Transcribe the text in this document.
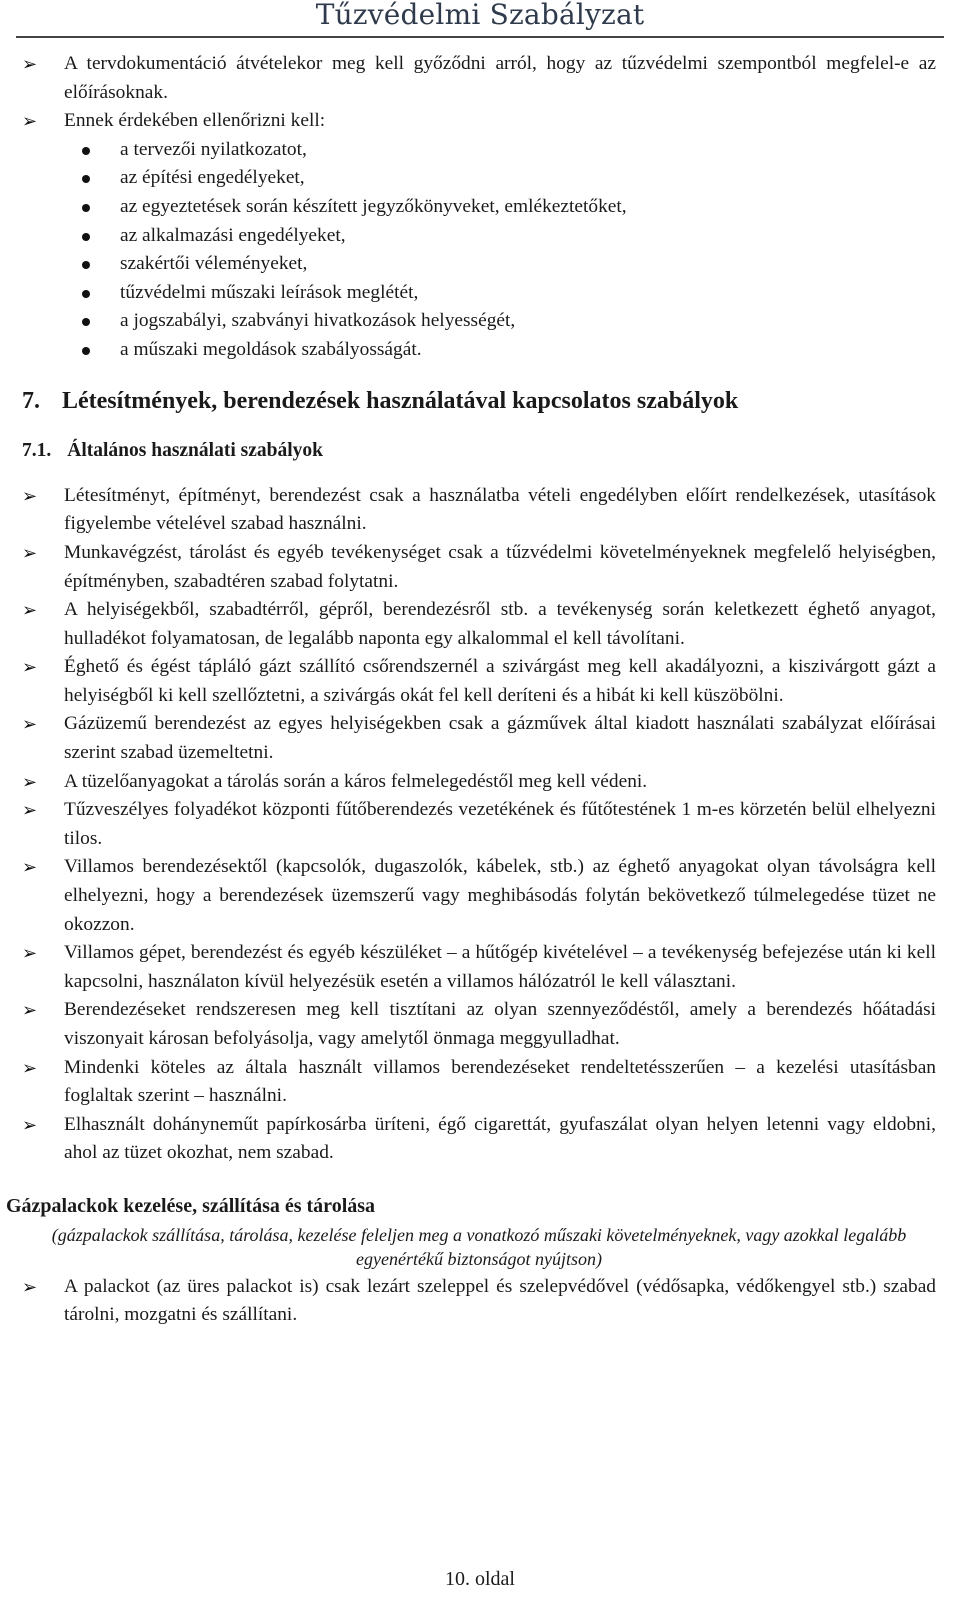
Tűzvédelmi Szabályzat
➢ A tervdokumentáció átvételekor meg kell győződni arról, hogy az tűzvédelmi szempontból megfelel-e az előírásoknak.
➢ Ennek érdekében ellenőrizni kell:
a tervezői nyilatkozatot,
az építési engedélyeket,
az egyeztetések során készített jegyzőkönyveket, emlékeztetőket,
az alkalmazási engedélyeket,
szakértői véleményeket,
tűzvédelmi műszaki leírások meglétét,
a jogszabályi, szabványi hivatkozások helyességét,
a műszaki megoldások szabályosságát.
7. Létesítmények, berendezések használatával kapcsolatos szabályok
7.1. Általános használati szabályok
➢ Létesítményt, építményt, berendezést csak a használatba vételi engedélyben előírt rendelkezések, utasítások figyelembe vételével szabad használni.
➢ Munkavégzést, tárolást és egyéb tevékenységet csak a tűzvédelmi követelményeknek megfelelő helyiségben, építményben, szabadtéren szabad folytatni.
➢ A helyiségekből, szabadtérről, gépről, berendezésről stb. a tevékenység során keletkezett éghető anyagot, hulladékot folyamatosan, de legalább naponta egy alkalommal el kell távolítani.
➢ Éghető és égést tápláló gázt szállító csőrendszernél a szivárgást meg kell akadályozni, a kiszivárgott gázt a helyiségből ki kell szellőztetni, a szivárgás okát fel kell deríteni és a hibát ki kell küszöbölni.
➢ Gázüzemű berendezést az egyes helyiségekben csak a gázművek által kiadott használati szabályzat előírásai szerint szabad üzemeltetni.
➢ A tüzelőanyagokat a tárolás során a káros felmelegedéstől meg kell védeni.
➢ Tűzveszélyes folyadékot központi fűtőberendezés vezetékének és fűtőtestének 1 m-es körzetén belül elhelyezni tilos.
➢ Villamos berendezésektől (kapcsolók, dugaszolók, kábelek, stb.) az éghető anyagokat olyan távolságra kell elhelyezni, hogy a berendezések üzemszerű vagy meghibásodás folytán bekövetkező túlmelegedése tüzet ne okozzon.
➢ Villamos gépet, berendezést és egyéb készüléket – a hűtőgép kivételével – a tevékenység befejezése után ki kell kapcsolni, használaton kívül helyezésük esetén a villamos hálózatról le kell választani.
➢ Berendezéseket rendszeresen meg kell tisztítani az olyan szennyeződéstől, amely a berendezés hőátadási viszonyait károsan befolyásolja, vagy amelytől önmaga meggyulladhat.
➢ Mindenki köteles az általa használt villamos berendezéseket rendeltetésszerűen – a kezelési utasításban foglaltak szerint – használni.
➢ Elhasznált dohányneműt papírkosárba üríteni, égő cigarettát, gyufaszálat olyan helyen letenni vagy eldobni, ahol az tüzet okozhat, nem szabad.
Gázpalackok kezelése, szállítása és tárolása
(gázpalackok szállítása, tárolása, kezelése feleljen meg a vonatkozó műszaki követelményeknek, vagy azokkal legalább egyenértékű biztonságot nyújtson)
➢ A palackot (az üres palackot is) csak lezárt szeleppel és szelepvédővel (védősapka, védőkengyel stb.) szabad tárolni, mozgatni és szállítani.
10. oldal
